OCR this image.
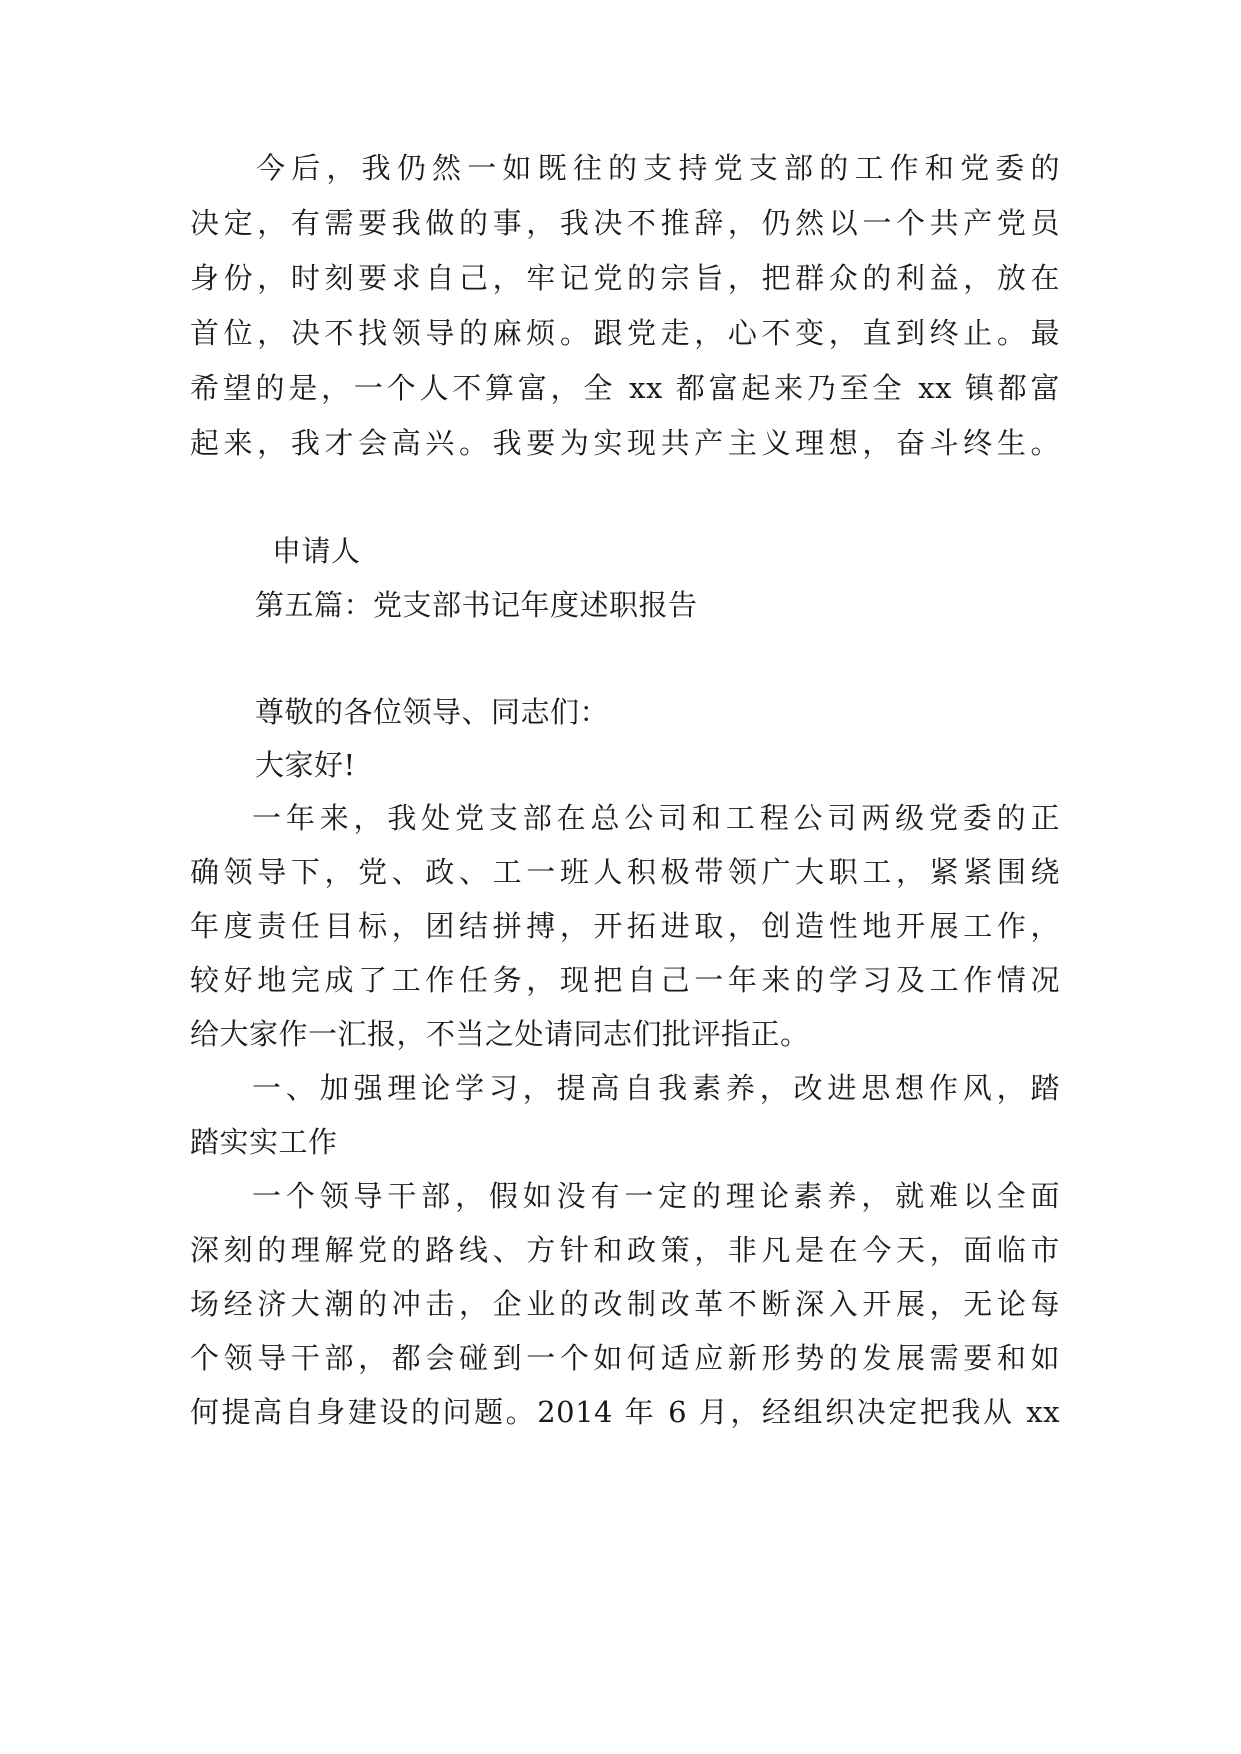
今后，我仍然一如既往的支持党支部的工作和党委的
决定，有需要我做的事，我决不推辞，仍然以一个共产党员
身份，时刻要求自己，牢记党的宗旨，把群众的利益，放在
首位，决不找领导的麻烦。跟党走，心不变，直到终止。最
希望的是，一个人不算富，全 xx 都富起来乃至全 xx 镇都富
起来，我才会高兴。我要为实现共产主义理想，奋斗终生。
申请人
第五篇：党支部书记年度述职报告
尊敬的各位领导、同志们：
大家好!
一年来，我处党支部在总公司和工程公司两级党委的正
确领导下，党、政、工一班人积极带领广大职工，紧紧围绕
年度责任目标，团结拼搏，开拓进取，创造性地开展工作，
较好地完成了工作任务，现把自己一年来的学习及工作情况
给大家作一汇报，不当之处请同志们批评指正。
一、加强理论学习，提高自我素养，改进思想作风，踏
踏实实工作
一个领导干部，假如没有一定的理论素养，就难以全面
深刻的理解党的路线、方针和政策，非凡是在今天，面临市
场经济大潮的冲击，企业的改制改革不断深入开展，无论每
个领导干部，都会碰到一个如何适应新形势的发展需要和如
何提高自身建设的问题。2014 年 6 月，经组织决定把我从 xx
